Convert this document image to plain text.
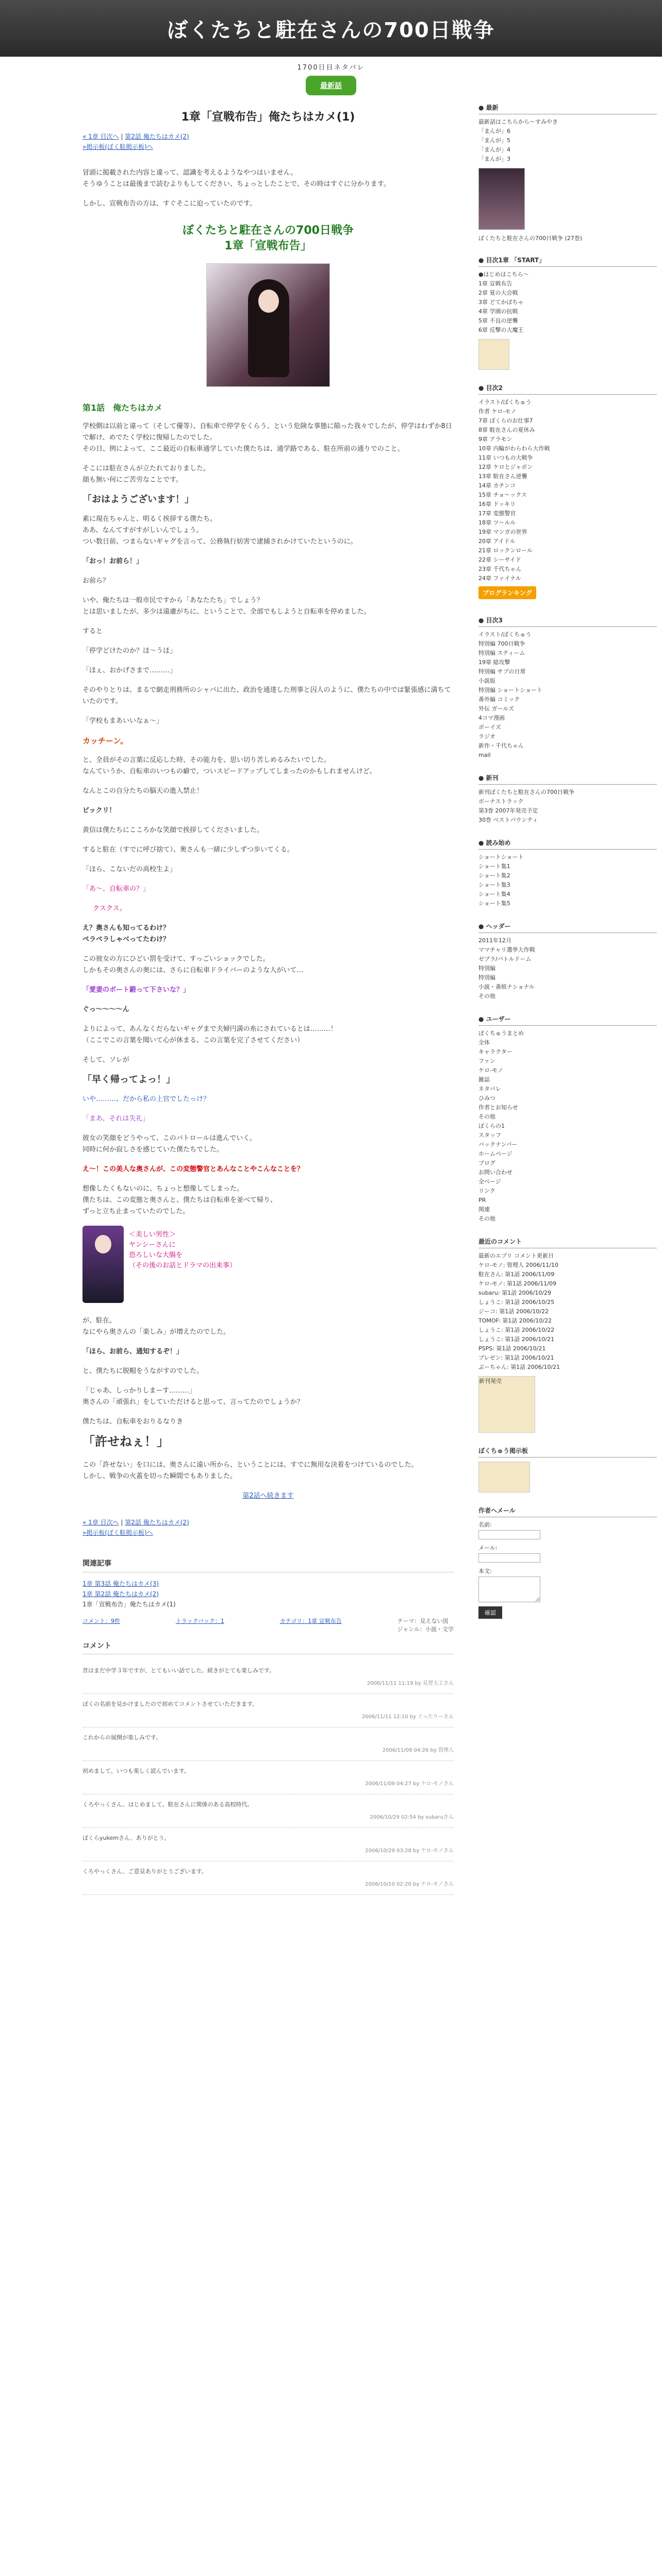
ぼくたちと駐在さんの700日戦争
1700日目ネタバレ
最新話
1章「宣戦布告」俺たちはカメ(1)
« 1章 目次へ | 第2話 俺たちはカメ(2)
»掲示板(ぼく駐掲示板)へ

冒頭に掲載された内容と違って、認識を考えるようなやつはいません。
そうゆうことは最後まで読むよりもしてください、ちょっとしたことで、その時はすぐに分かります。

しかし、宣戦布告の方は、すぐそこに迫っていたのです。

ぼくたちと駐在さんの700日戦争
1章「宣戦布告」
第1話　俺たちはカメ

学校側は以前と違って（そして優等）、自転車で停学をくらう、という危険な事態に陥った我々でしたが、停学はわずか8日で解け、めでたく学校に復帰したのでした。
その日、例によって、ここ最近の自転車通学していた僕たちは、通学路である、駐在所前の通りでのこと。

そこには駐在さんが立たれておりました。
顔も無い何にご苦労なことです。

「おはようございます！」

素に現在ちゃんと、明るく挨拶する僕たち。
ああ、なんてすがすがしいんでしょう。
つい数日前、つまらないギャグを言って、公務執行妨害で逮捕されかけていたというのに。

「おっ！お前ら！」

お前ら？

いや、俺たちは一般市民ですから「あなたたち」でしょう？
とは思いましたが、多少は遠慮がちに、ということで、全部でもしようと自転車を停めました。

すると

「停学どけたのか？ほ〜うほ」

「ほぇ、おかげさまで………」

そのやりとりは、まるで網走刑務所のシャバに出た、政治を通達した刑事と囚人のように、僕たちの中では緊張感に満ちていたのです。

「学校もまあいいなぁ〜」

カッチーン。

と、全員がその言葉に反応した時、その能力を、思い切り苦しめるみたいでした。
なんていうか、自転車のいつもの癖で、ついスピードアップしてしまったのかもしれませんけど。

なんとこの自分たちの脳天の進入禁止！

ビックリ！

黄信は僕たちにこころかな笑顔で挨拶してくださいました。

すると駐在（すでに呼び捨て）、奥さんも一緒に少しずつ歩いてくる。

「ほら、こないだの高校生よ」

「あ〜、自転車の？」

クスクス。

え？奥さんも知ってるわけ？
ぺラペラしゃべってたわけ？

この彼女の方にひどい罰を受けて、すっごいショックでした。
しかもその奥さんの奥には、さらに自転車ドライバーのような人がいて…

「愛妻のボート鍛って下さいな？」

ぐっ〜〜〜〜ん

よりによって、あんなくだらないギャグまで夫婦円満の糸にされているとは………！
（ここでこの言葉を聞いて心が休まる、この言葉を完了させてください）

そして、ソレが

「早く帰ってよっ！」

いや………、だから私の上官でしたっけ？

「まあ、それは失礼」

彼女の笑顔をどうやって、このパトロールは進んでいく。
同時に何か寂しさを感じていた僕たちでした。

え〜！この美人な奥さんが、この変態警官とあんなことやこんなことを？

想像したくもないのに、ちょっと想像してしまった。
僕たちは、この変態と奥さんと、僕たちは自転車を並べて帰り、
ずっと立ち止まっていたのでした。

＜美しい男性＞
ヤンシーさんに
恐ろしいな大腸を
（その後のお話とドラマの出来事）

が、駐在。
なにやら奥さんの「楽しみ」が増えたのでした。

「ほら、お前ら、通知するぞ！」

と、僕たちに脱帽をうながすのでした。

「じゃあ、しっかりしまーす………」
奥さんの「頑張れ」をしていただけると思って、言ってたのでしょうか？

僕たちは、自転車をおりるなりき

「許せねぇ！」

この「許せない」を口には、奥さんに遠い所から、ということには、すでに無用な決着をつけているのでした。
しかし、戦争の火蓋を切った瞬間でもありました。

第2話へ続きます

« 1章 目次へ | 第2話 俺たちはカメ(2)
»掲示板(ぼく駐掲示板)へ
関連記事
1章 第3話 俺たちはカメ(3)
1章 第2話 俺たちはカメ(2)
1章「宣戦布告」俺たちはカメ(1)
コメント：9件	トラックバック：1	カテゴリ：1章 宣戦布告	テーマ：見えない図
ジャンル：小説・文学
コメント
昔はまだ中学３年ですが、とてもいい話でした。続きがとても楽しみです。
2006/11/11 11:19 by 見習大工さん
ぼくの名前を見かけましたので初めてコメントさせていただきます。
2006/11/11 12:10 by ぐったりーさん
これからの展開が楽しみです。
2006/11/09 04:26 by 管理人
初めまして、いつも楽しく読んでいます。
2006/11/09 04:27 by ケロ-モノさん
くろやっくさん、はじめまして。駐在さんに関係のある高校時代。
2006/10/29 02:54 by subaruさん
ぼくらyukemさん、ありがとう。
2006/10/29 03:28 by ケロ-モノさん
くろやっくさん、ご意見ありがとうございます。
2006/10/10 02:20 by ケロ-モノさん
● 最新
最新話はこちらから〜すみやき
「まんが」6
「まんが」5
「まんが」4
「まんが」3
ぼくたちと駐在さんの700日戦争 (27巻)
● 目次1章 「START」
●はじめはこちら〜
1章 宣戦布告
2章 夏の大合戦
3章 どてかぼちゃ
4章 学園の抗戦
5章 不良の逆襲
6章 反撃の大魔王
● 目次2
イラスト/ぼくちゅう
作者 ケロ-モノ
7章 ぼくらのお仕事7
8章 駐在さんの夏休み
9章 アラモン
10章 内輪がわらわら大作戦
11章 いつもの大戦争
12章 ケロとジャポン
13章 駐在さん逆襲
14章 カチンコ
15章 チョ〜ックス
16章 ドッキリ
17章 変態警官
18章 ツ〜ルル
19章 マンガの世界
20章 アイドル
21章 ロックンロール
22章 シーサイド
23章 千代ちゃん
24章 ファイナル
ブログランキング
● 目次3
イラスト/ぼくちゅう
特別編 700日戦争
特別編 スティーム
19章 総攻撃
特別編 サブの日常
小説版
特別編 ショートショート
番外編 コミック
外伝 ガールズ
4コマ漫画
ボーイズ
ラジオ
新作・千代ちゃん
mail
● 新刊
新刊ぼくたちと駐在さんの700日戦争
ボーナストラック
第3巻 2007年発売予定
30巻 ベストバウンティ
● 読み始め
ショートショート
ショート集1
ショート集2
ショート集3
ショート集4
ショート集5
● ヘッダー
2011年12月
ママチャリ選挙大作戦
ゼブラ/バトルドーム
特別編
特別編
小説・番組ナショナル
その他
● ユーザー
ぼくちゅうまとめ
全体
キャラクター
ファン
ケロ-モノ
雑誌
ネタバレ
ひみつ
作者とお知らせ
その他
ぼくらの1
スタッフ
バックナンバー
ホームページ
ブログ
お問い合わせ
全ページ
リンク
PR
関連
その他
最近のコメント
最新のエブリ コメント更新日
ケロ-モノ: 管理人 2006/11/10
駐在さん: 第1話 2006/11/09
ケロ-モノ: 第1話 2006/11/09
subaru: 第1話 2006/10/29
しょうこ: 第1話 2006/10/25
ジーコ: 第1話 2006/10/22
TOMOF: 第1話 2006/10/22
しょうこ: 第1話 2006/10/22
しょうこ: 第1話 2006/10/21
PSPS: 第1話 2006/10/21
プレゼン: 第1話 2006/10/21
ぶーちゃん: 第1話 2006/10/21
新刊発売
ぼくちゅう掲示板
作者へメール
名前:
メール:
本文:
確認
